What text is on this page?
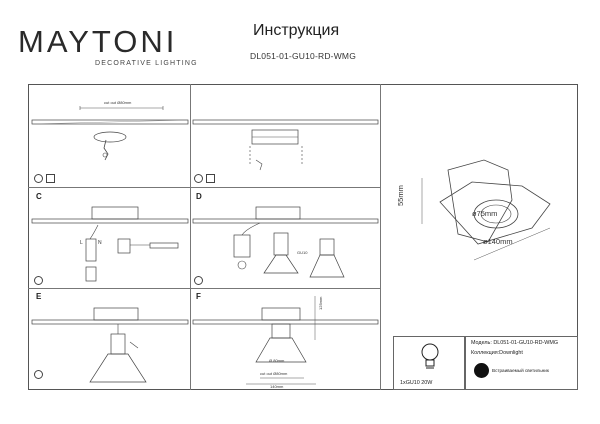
MAYTONI
DECORATIVE LIGHTING
Инструкция
DL051-01-GU10-RD-WMG
C	D
E	F
cut out Ø80mm
L	N
GU10
Ø 80mm
cut out Ø80mm
140mm
125mm
55mm
ø75mm
ø140mm
1xGU10 20W
Модель: DL051-01-GU10-RD-WMG
Коллекция:Downlight
Встраиваемый светильник
